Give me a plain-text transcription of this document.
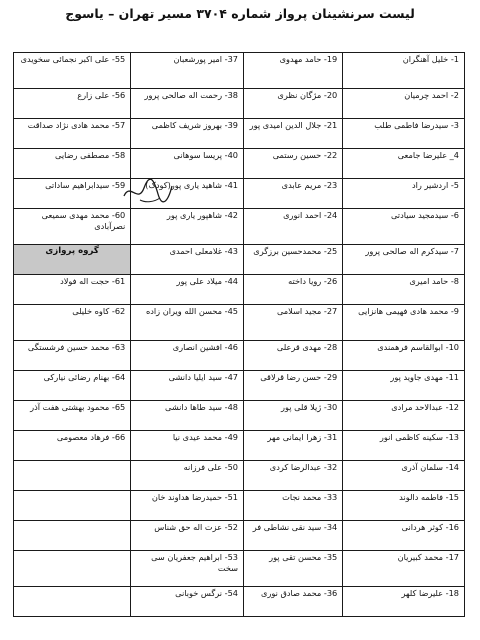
لیست سرنشینان پرواز شماره ۳۷۰۴ مسیر تهران – یاسوج
1- خلیل آهنگران	19- حامد مهدوی	37- امیر پورشعبان	55- علی اکبر نجمائی سخویدی
2- احمد چرمیان	20- مژگان نظری	38- رحمت اله صالحی پرور	56- علی زارع
3- سیدرضا فاطمی طلب	21- جلال الدین امیدی پور	39- بهروز شریف کاظمی	57- محمد هادی نژاد صداقت
4_ علیرضا جامعی	22- حسین رستمی	40- پریسا سوهانی	58- مصطفی رضایی
5- اردشیر راد	23- مریم عابدی	41- شاهید یاری پور(کودک)	59- سیدابراهیم ساداتی
6- سیدمجید سیادتی	24- احمد انوری	42- شاهپور یاری پور	60- محمد مهدی سمیعی نصرآبادی
7- سیدکرم اله صالحی پرور	25- محمدحسین برزگری	43- غلامعلی احمدی	گروه پروازی

8- حامد امیری	26- رویا داخته	44- میلاد علی پور	61- حجت اله فولاد
9- محمد هادی فهیمی هانزایی	27- مجید اسلامی	45- محسن الله ویران زاده	62- کاوه خلیلی
10- ابوالقاسم فرهمندی	28- مهدی قرعلی	46- افشین انصاری	63- محمد حسین فرشستگی
11- مهدی جاوید پور	29- حسن رضا قرلاقی	47- سید ایلیا دانشی	64- بهنام رضائی نیارکی
12- عبدالاحد مرادی	30- ژیلا قلی پور	48- سید طاها دانشی	65- محمود بهشتی هفت آذر
13- سکینه کاظمی انور	31- زهرا ایمانی مهر	49- محمد عیدی نیا	66- فرهاد معصومی
14- سلمان آذری	32- عبدالرضا کردی	50- علی فرزانه	
15- فاطمه دالوند	33- محمد نجات	51- حمیدرضا هداوند خان	
16- کوثر هردانی	34- سید نقی نشاطی فر	52- عزت اله حق شناس	
17- محمد کبیریان	35- محسن تقی پور	53- ابراهیم جعفریان سی سخت	
18- علیرضا کلهر	36- محمد صادق نوری	54- نرگس خوبانی	
